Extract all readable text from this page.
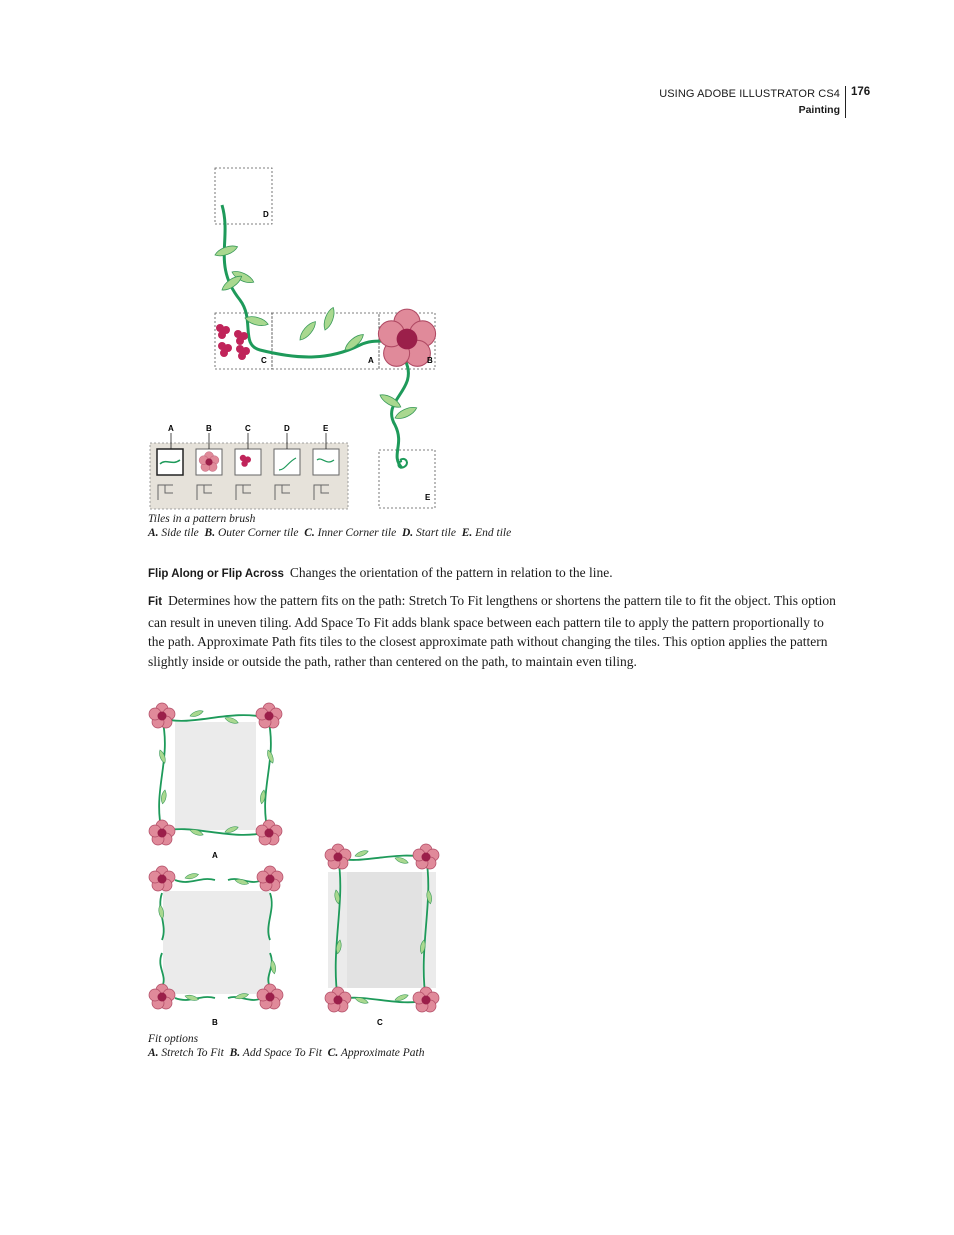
USING ADOBE ILLUSTRATOR CS4
Painting
176
D
C	A	B
E
A	B	C	D	E
Tiles in a pattern brush
A. Side tile B. Outer Corner tile C. Inner Corner tile D. Start tile E. End tile
Flip Along or Flip Across Changes the orientation of the pattern in relation to the line.
Fit Determines how the pattern fits on the path: Stretch To Fit lengthens or shortens the pattern tile to fit the object. This option can result in uneven tiling. Add Space To Fit adds blank space between each pattern tile to apply the pattern proportionally to the path. Approximate Path fits tiles to the closest approximate path without changing the tiles. This option applies the pattern slightly inside or outside the path, rather than centered on the path, to maintain even tiling.
A
B	C
Fit options
A. Stretch To Fit B. Add Space To Fit C. Approximate Path
